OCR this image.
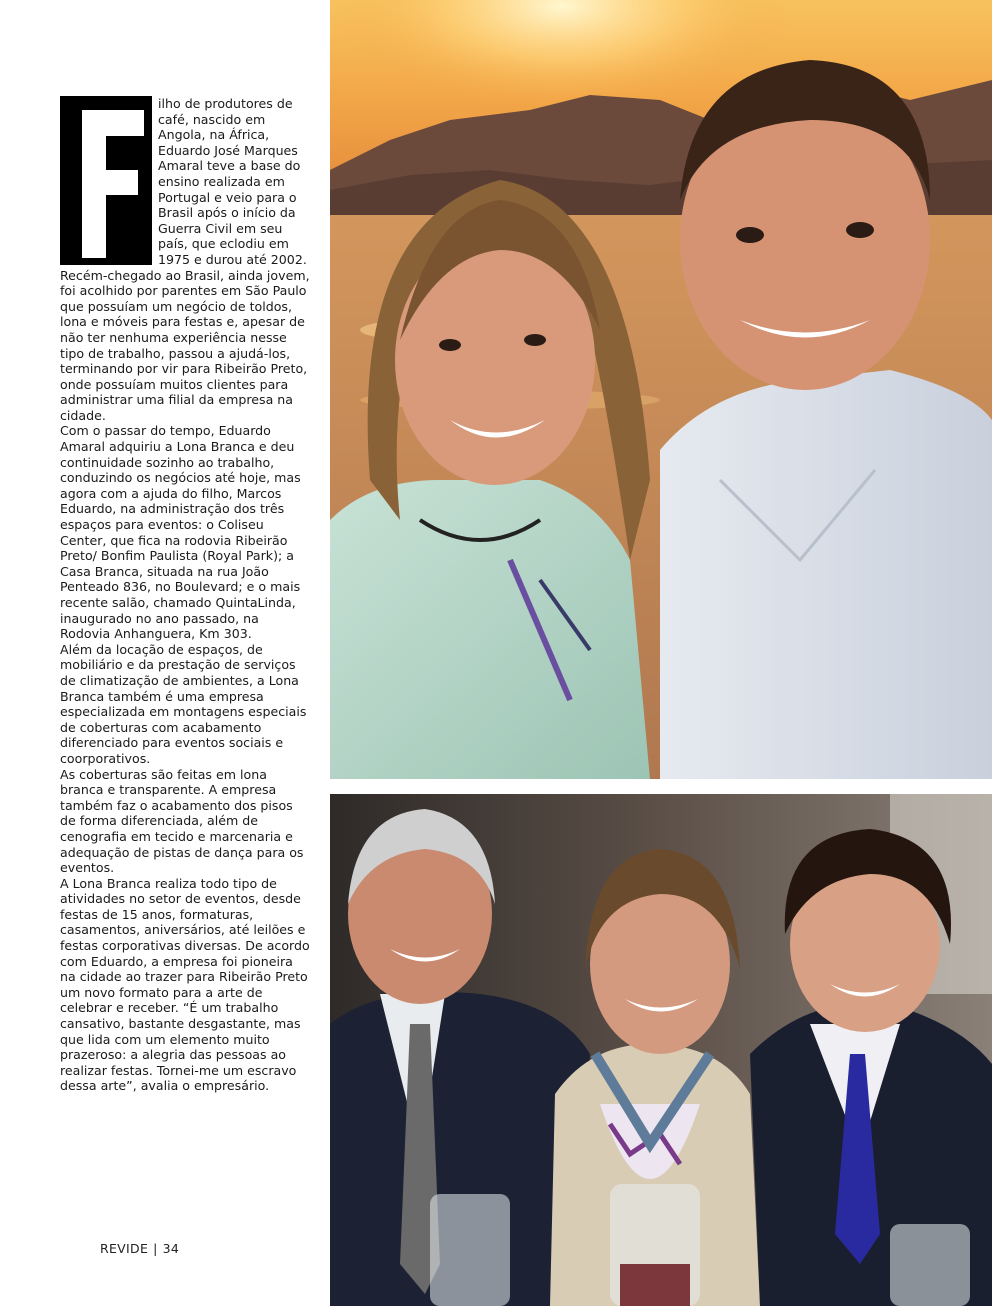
ilho de produtores de café, nascido em Angola, na África, Eduardo José Marques Amaral teve a base do ensino realizada em Portugal e veio para o Brasil após o início da Guerra Civil em seu país, que eclodiu em 1975 e durou até 2002.

Recém-chegado ao Brasil, ainda jovem, foi acolhido por parentes em São Paulo que possuíam um negócio de toldos, lona e móveis para festas e, apesar de não ter nenhuma experiência nesse tipo de trabalho, passou a ajudá-los, terminando por vir para Ribeirão Preto, onde possuíam muitos clientes para administrar uma filial da empresa na cidade.

Com o passar do tempo, Eduardo Amaral adquiriu a Lona Branca e deu continuidade sozinho ao trabalho, conduzindo os negócios até hoje, mas agora com a ajuda do filho, Marcos Eduardo, na administração dos três espaços para eventos: o Coliseu Center, que fica na rodovia Ribeirão Preto/ Bonfim Paulista (Royal Park); a Casa Branca, situada na rua João Penteado 836, no Boulevard; e o mais recente salão, chamado QuintaLinda, inaugurado no ano passado, na Rodovia Anhanguera, Km 303.

Além da locação de espaços, de mobiliário e da prestação de serviços de climatização de ambientes, a Lona Branca também é uma empresa especializada em montagens especiais de coberturas com acabamento diferenciado para eventos sociais e coorporativos.

As coberturas são feitas em lona branca e transparente. A empresa também faz o acabamento dos pisos de forma diferenciada, além de cenografia em tecido e marcenaria e adequação de pistas de dança para os eventos.

A Lona Branca realiza todo tipo de atividades no setor de eventos, desde festas de 15 anos, formaturas, casamentos, aniversários, até leilões e festas corporativas diversas. De acordo com Eduardo, a empresa foi pioneira na cidade ao trazer para Ribeirão Preto um novo formato para a arte de celebrar e receber. “É um trabalho cansativo, bastante desgastante, mas que lida com um elemento muito prazeroso: a alegria das pessoas ao realizar festas. Tornei-me um escravo dessa arte”, avalia o empresário.

REVIDE | 34
